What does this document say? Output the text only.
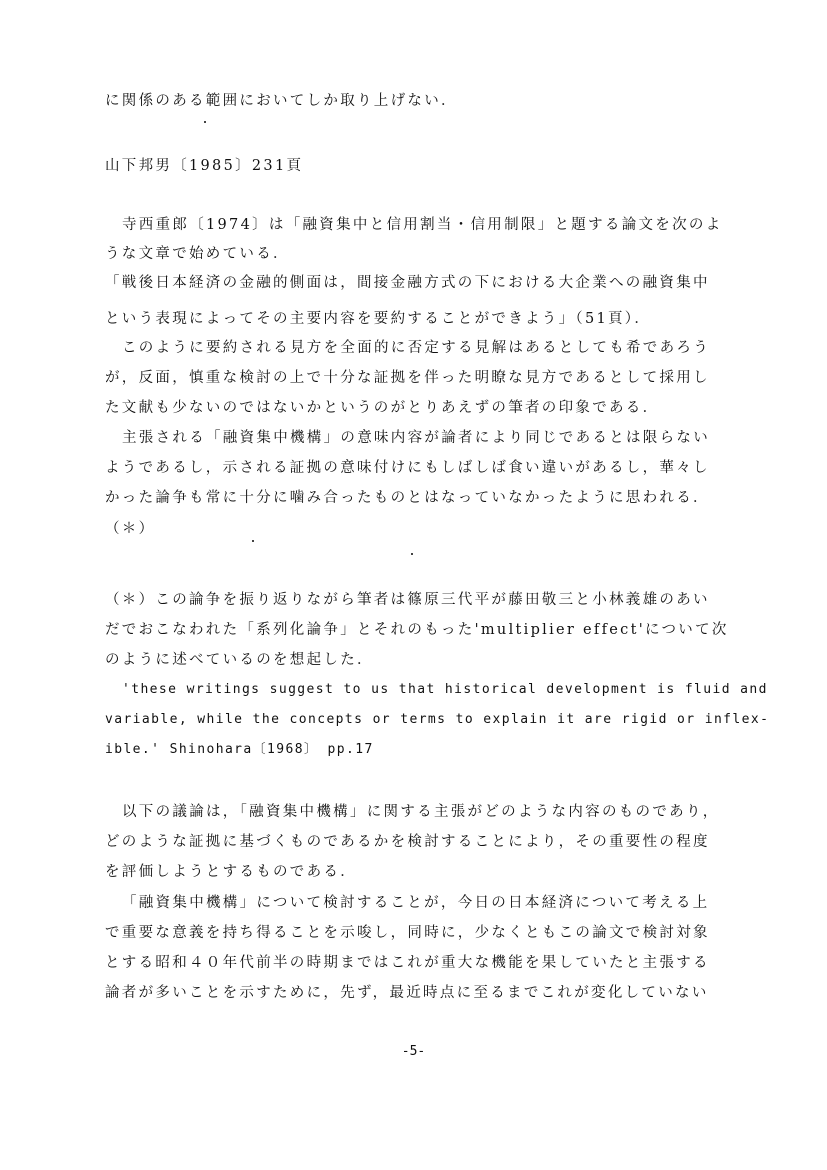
に関係のある範囲においてしか取り上げない．
山下邦男〔1985〕231頁
寺西重郎〔1974〕は「融資集中と信用割当・信用制限」と題する論文を次のよ
うな文章で始めている．
「戦後日本経済の金融的側面は，間接金融方式の下における大企業への融資集中
という表現によってその主要内容を要約することができよう」（51頁）．
このように要約される見方を全面的に否定する見解はあるとしても希であろう
が，反面，慎重な検討の上で十分な証拠を伴った明瞭な見方であるとして採用し
た文献も少ないのではないかというのがとりあえずの筆者の印象である．
主張される「融資集中機構」の意味内容が論者により同じであるとは限らない
ようであるし，示される証拠の意味付けにもしばしば食い違いがあるし，華々し
かった論争も常に十分に噛み合ったものとはなっていなかったように思われる．
（＊）
（＊）この論争を振り返りながら筆者は篠原三代平が藤田敬三と小林義雄のあい
だでおこなわれた「系列化論争」とそれのもった'multiplier effect'について次
のように述べているのを想起した．
'these writings suggest to us that historical development is fluid and
variable, while the concepts or terms to explain it are rigid or inflex-
ible.' Shinohara〔1968〕 pp.17
以下の議論は，「融資集中機構」に関する主張がどのような内容のものであり，
どのような証拠に基づくものであるかを検討することにより，その重要性の程度
を評価しようとするものである．
「融資集中機構」について検討することが，今日の日本経済について考える上
で重要な意義を持ち得ることを示唆し，同時に，少なくともこの論文で検討対象
とする昭和４０年代前半の時期まではこれが重大な機能を果していたと主張する
論者が多いことを示すために，先ず，最近時点に至るまでこれが変化していない
-5-
